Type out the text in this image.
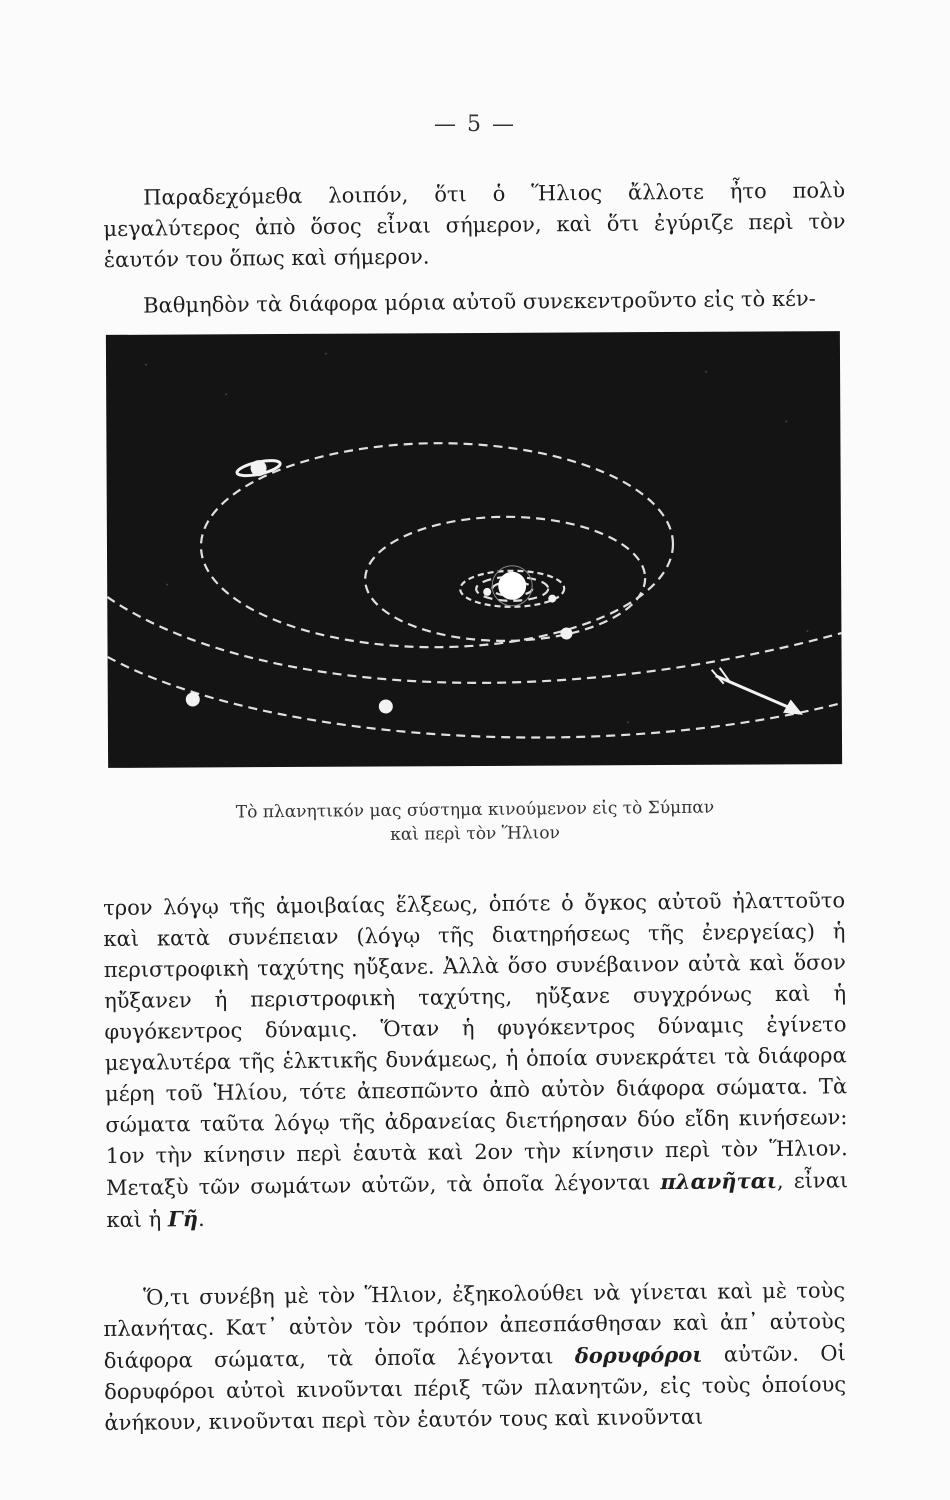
— 5 —

Παραδεχόμεθα λοιπόν, ὅτι ὁ Ἥλιος ἄλλοτε ἦτο πολὺ μεγαλύτερος ἀπὸ ὅσος εἶναι σήμερον, καὶ ὅτι ἐγύριζε περὶ τὸν ἑαυτόν του ὅπως καὶ σήμερον.

Βαθμηδὸν τὰ διάφορα μόρια αὐτοῦ συνεκεντροῦντο εἰς τὸ κέν-

Τὸ πλανητικόν μας σύστημα κινούμενον εἰς τὸ Σύμπαν
καὶ περὶ τὸν Ἥλιον

τρον λόγῳ τῆς ἀμοιβαίας ἕλξεως, ὁπότε ὁ ὄγκος αὐτοῦ ἠλαττοῦτο καὶ κατὰ συνέπειαν (λόγῳ τῆς διατηρήσεως τῆς ἐνεργείας) ἡ περιστροφικὴ ταχύτης ηὔξανε. Ἀλλὰ ὅσο συνέβαινον αὐτὰ καὶ ὅσον ηὔξανεν ἡ περιστροφικὴ ταχύτης, ηὔξανε συγχρόνως καὶ ἡ φυγόκεντρος δύναμις. Ὅταν ἡ φυγόκεντρος δύναμις ἐγίνετο μεγαλυτέρα τῆς ἑλκτικῆς δυνάμεως, ἡ ὁποία συνεκράτει τὰ διάφορα μέρη τοῦ Ἡλίου, τότε ἀπεσπῶντο ἀπὸ αὐτὸν διάφορα σώματα. Τὰ σώματα ταῦτα λόγῳ τῆς ἀδρανείας διετήρησαν δύο εἴδη κινήσεων: 1ον τὴν κίνησιν περὶ ἑαυτὰ καὶ 2ον τὴν κίνησιν περὶ τὸν Ἥλιον. Μεταξὺ τῶν σωμάτων αὐτῶν, τὰ ὁποῖα λέγονται πλανῆται, εἶναι καὶ ἡ Γῆ.

Ὅ,τι συνέβη μὲ τὸν Ἥλιον, ἐξηκολούθει νὰ γίνεται καὶ μὲ τοὺς πλανήτας. Κατ᾽ αὐτὸν τὸν τρόπον ἀπεσπάσθησαν καὶ ἀπ᾽ αὐτοὺς διάφορα σώματα, τὰ ὁποῖα λέγονται δορυφόροι αὐτῶν. Οἱ δορυφόροι αὐτοὶ κινοῦνται πέριξ τῶν πλανητῶν, εἰς τοὺς ὁποίους ἀνήκουν, κινοῦνται περὶ τὸν ἑαυτόν τους καὶ κινοῦνται
